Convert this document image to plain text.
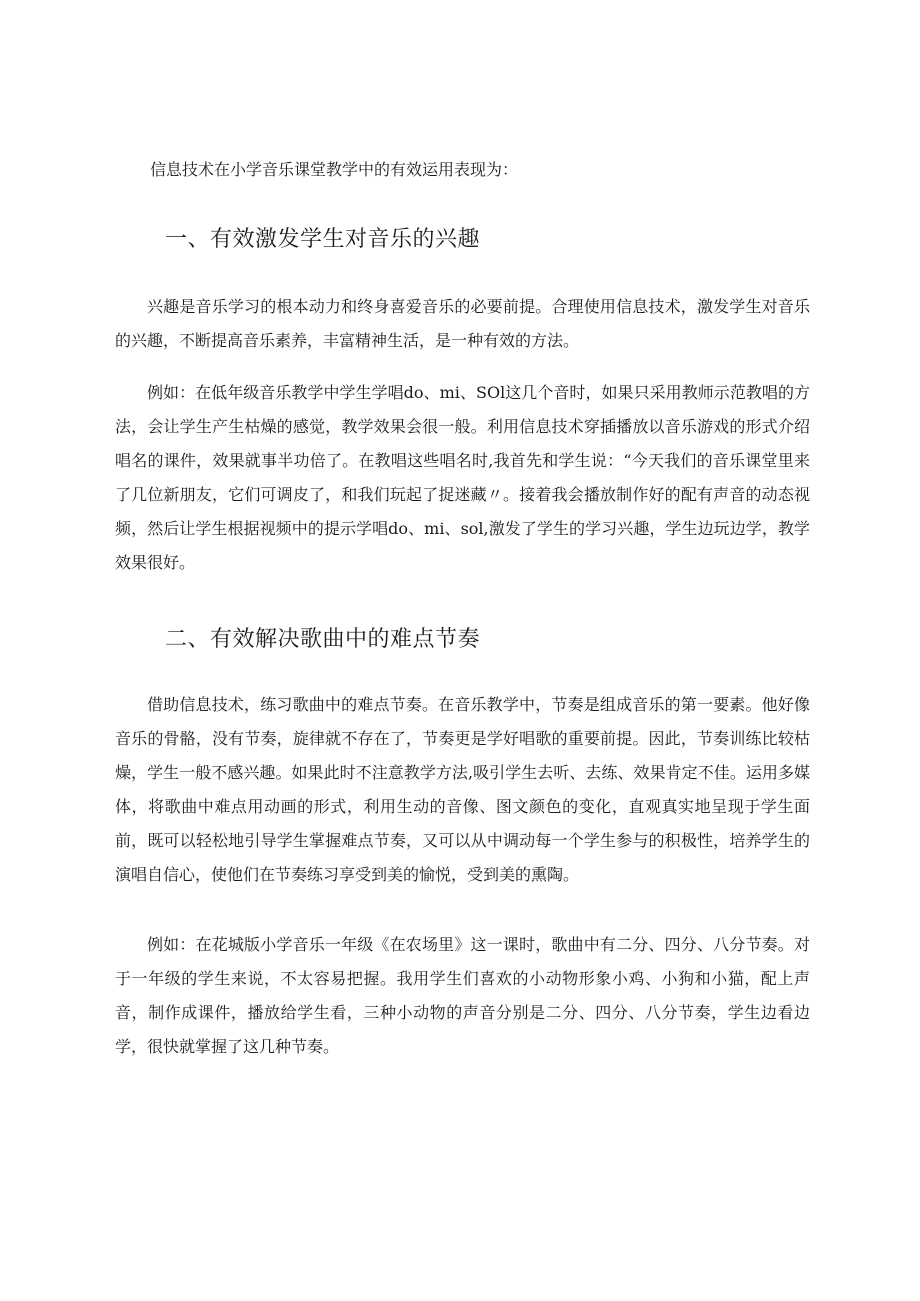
信息技术在小学音乐课堂教学中的有效运用表现为：

一、有效激发学生对音乐的兴趣

兴趣是音乐学习的根本动力和终身喜爱音乐的必要前提。合理使用信息技术，激发学生对音乐的兴趣，不断提高音乐素养，丰富精神生活，是一种有效的方法。

例如：在低年级音乐教学中学生学唱do、mi、SOl这几个音时，如果只采用教师示范教唱的方法，会让学生产生枯燥的感觉，教学效果会很一般。利用信息技术穿插播放以音乐游戏的形式介绍唱名的课件，效果就事半功倍了。在教唱这些唱名时,我首先和学生说：“今天我们的音乐课堂里来了几位新朋友，它们可调皮了，和我们玩起了捉迷藏〃。接着我会播放制作好的配有声音的动态视频，然后让学生根据视频中的提示学唱do、mi、sol,激发了学生的学习兴趣，学生边玩边学，教学效果很好。

二、有效解决歌曲中的难点节奏

借助信息技术，练习歌曲中的难点节奏。在音乐教学中，节奏是组成音乐的第一要素。他好像音乐的骨骼，没有节奏，旋律就不存在了，节奏更是学好唱歌的重要前提。因此，节奏训练比较枯燥，学生一般不感兴趣。如果此时不注意教学方法,吸引学生去听、去练、效果肯定不佳。运用多媒体，将歌曲中难点用动画的形式，利用生动的音像、图文颜色的变化，直观真实地呈现于学生面前，既可以轻松地引导学生掌握难点节奏，又可以从中调动每一个学生参与的积极性，培养学生的演唱自信心，使他们在节奏练习享受到美的愉悦，受到美的熏陶。

例如：在花城版小学音乐一年级《在农场里》这一课时，歌曲中有二分、四分、八分节奏。对于一年级的学生来说，不太容易把握。我用学生们喜欢的小动物形象小鸡、小狗和小猫，配上声音，制作成课件，播放给学生看，三种小动物的声音分别是二分、四分、八分节奏，学生边看边学，很快就掌握了这几种节奏。
